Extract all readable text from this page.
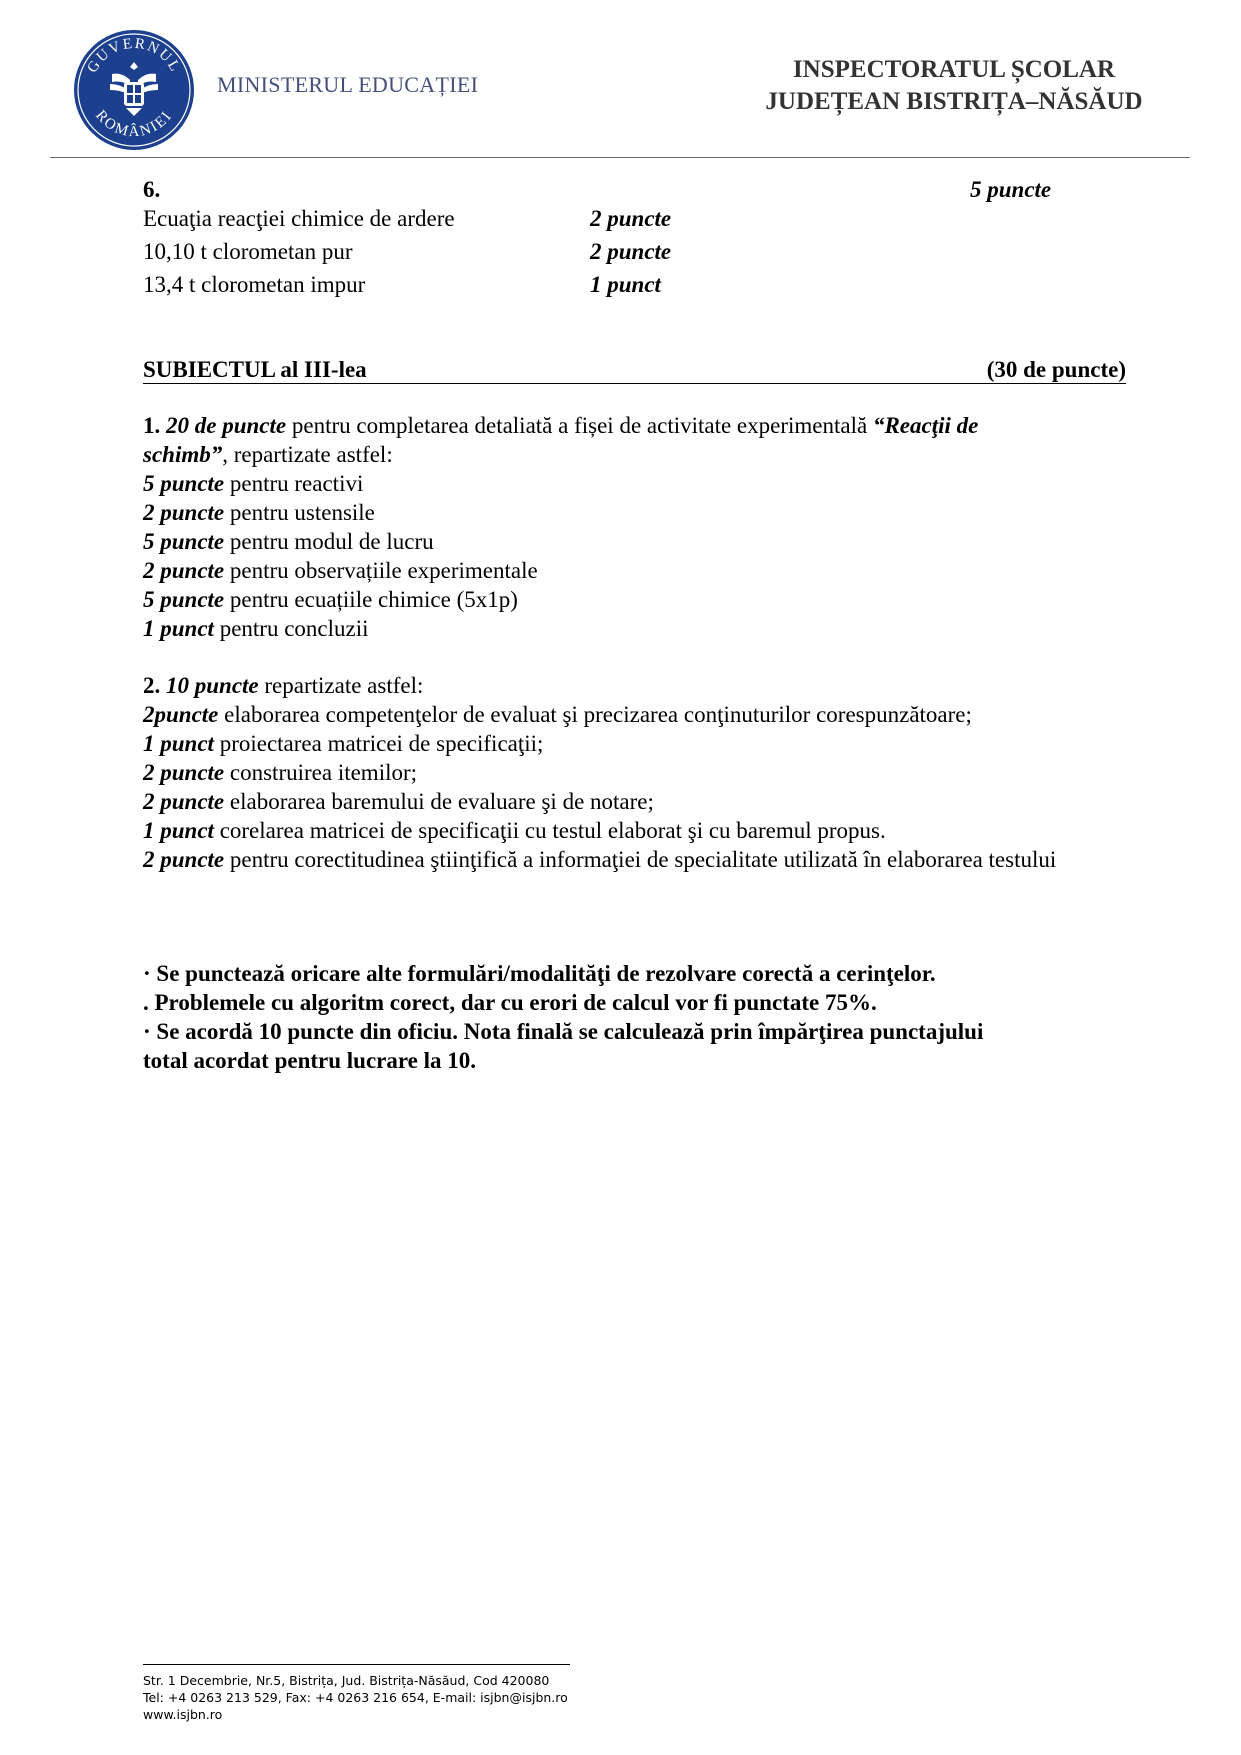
GUVERNUL
ROMÂNIEI
MINISTERUL EDUCAȚIEI
INSPECTORATUL ȘCOLAR
JUDEȚEAN BISTRIȚA–NĂSĂUD
6.	5 puncte
Ecuaţia reacţiei chimice de ardere	2 puncte
10,10 t clorometan pur	2 puncte
13,4 t clorometan impur	1 punct
SUBIECTUL al III-lea	(30 de puncte)
1. 20 de puncte pentru completarea detaliată a fișei de activitate experimentală “Reacţii de
schimb”, repartizate astfel:
5 puncte pentru reactivi
2 puncte pentru ustensile
5 puncte pentru modul de lucru
2 puncte pentru observațiile experimentale
5 puncte pentru ecuațiile chimice (5x1p)
1 punct pentru concluzii
2. 10 puncte repartizate astfel:
2puncte elaborarea competenţelor de evaluat şi precizarea conţinuturilor corespunzătoare;
1 punct proiectarea matricei de specificaţii;
2 puncte construirea itemilor;
2 puncte elaborarea baremului de evaluare şi de notare;
1 punct corelarea matricei de specificaţii cu testul elaborat şi cu baremul propus.
2 puncte pentru corectitudinea ştiinţifică a informaţiei de specialitate utilizată în elaborarea testului
· Se punctează oricare alte formulări/modalităţi de rezolvare corectă a cerinţelor.
. Problemele cu algoritm corect, dar cu erori de calcul vor fi punctate 75%.
· Se acordă 10 puncte din oficiu. Nota finală se calculează prin împărţirea punctajului
total acordat pentru lucrare la 10.
Str. 1 Decembrie, Nr.5, Bistrița, Jud. Bistrița-Năsăud, Cod 420080
Tel: +4 0263 213 529, Fax: +4 0263 216 654, E-mail: isjbn@isjbn.ro
www.isjbn.ro
